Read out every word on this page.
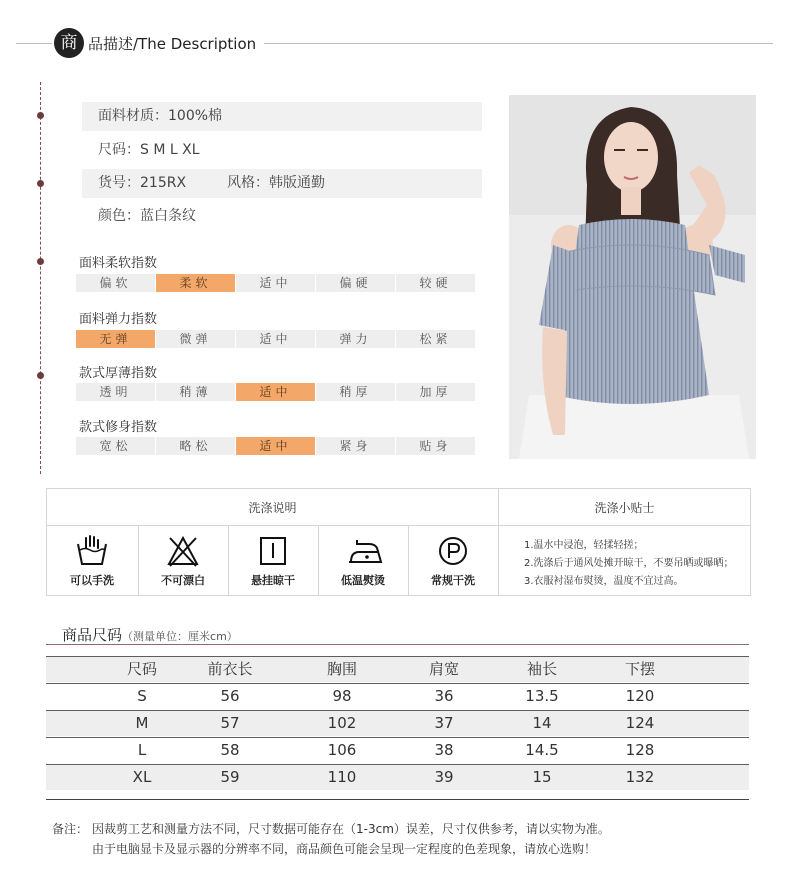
商 品描述/The Description
面料材质：100%棉
尺码：S M L XL
货号：215RX	风格：韩版通勤
颜色：蓝白条纹
面料柔软指数
偏软	柔软	适中	偏硬	较硬
面料弹力指数
无弹	微弹	适中	弹力	松紧
款式厚薄指数
透明	稍薄	适中	稍厚	加厚
款式修身指数
宽松	略松	适中	紧身	贴身
洗涤说明	洗涤小贴士
可以手洗	不可漂白	悬挂晾干	低温熨烫	常规干洗
1.温水中浸泡，轻揉轻搓；
2.洗涤后于通风处摊开晾干，不要吊晒或曝晒；
3.衣服衬湿布熨烫，温度不宜过高。
商品尺码（测量单位：厘米cm）
尺码	前衣长	胸围	肩宽	袖长	下摆
S	56	98	36	13.5	120
M	57	102	37	14	124
L	58	106	38	14.5	128
XL	59	110	39	15	132
备注： 因裁剪工艺和测量方法不同，尺寸数据可能存在（1-3cm）误差，尺寸仅供参考，请以实物为准。
由于电脑显卡及显示器的分辨率不同，商品颜色可能会呈现一定程度的色差现象，请放心选购！
